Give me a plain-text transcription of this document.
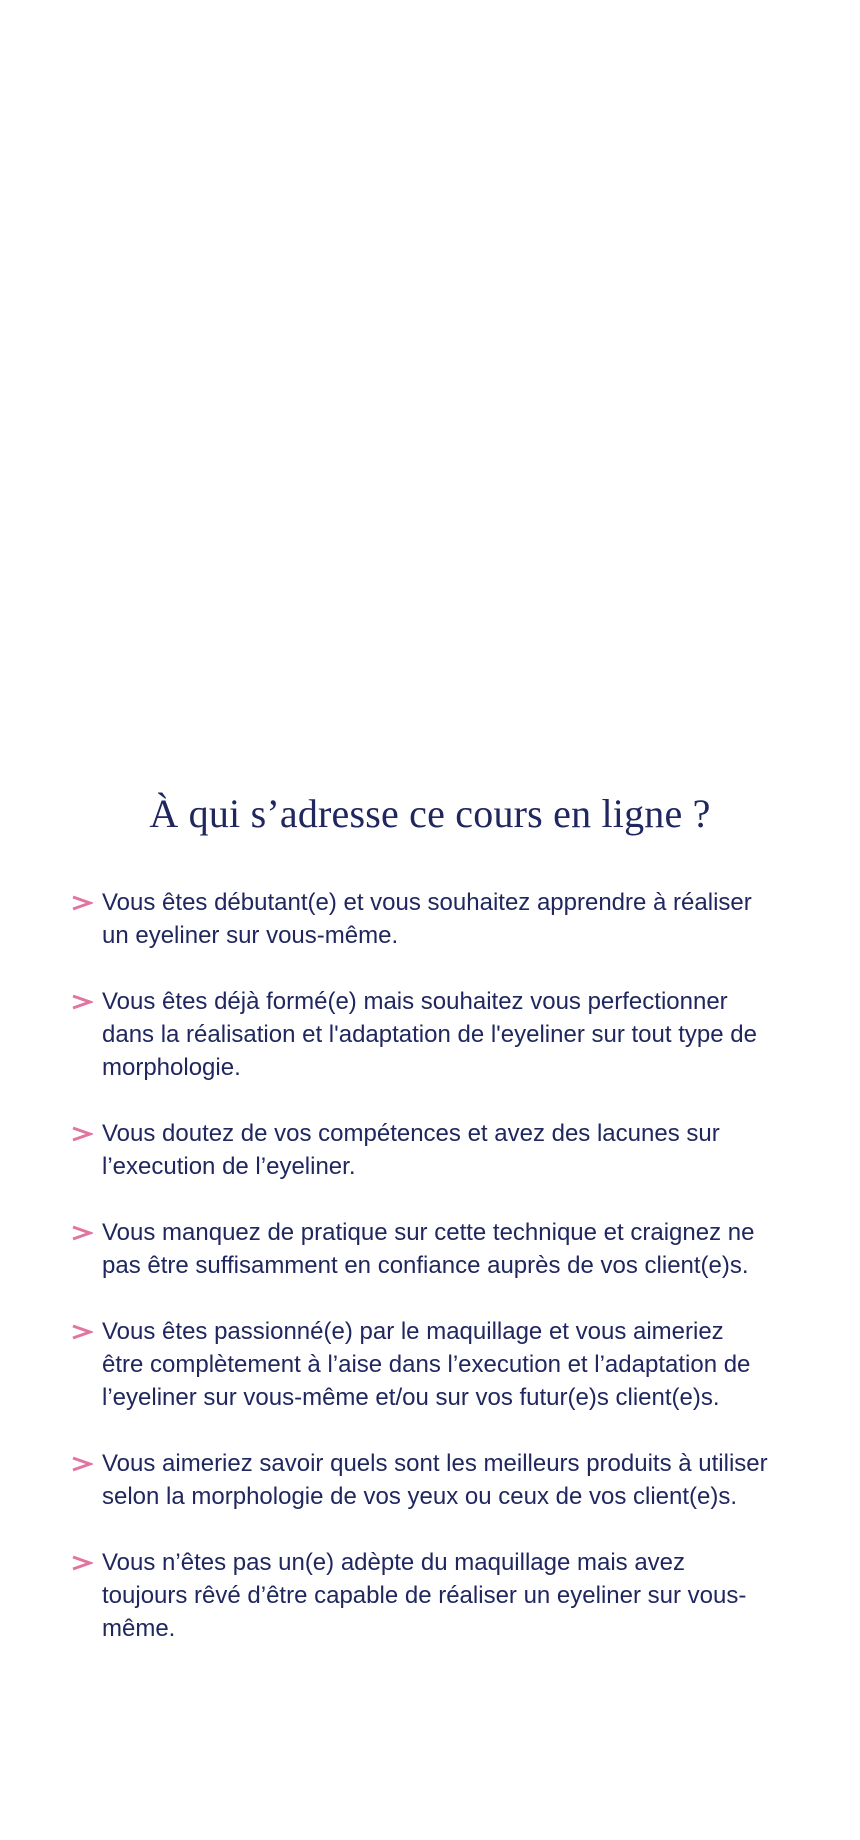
À qui s’adresse ce cours en ligne ?
Vous êtes débutant(e) et vous souhaitez apprendre à réaliser un eyeliner sur vous-même.
Vous êtes déjà formé(e) mais souhaitez vous perfectionner dans la réalisation et l'adaptation de l'eyeliner sur tout type de morphologie.
Vous doutez de vos compétences et avez des lacunes sur l’execution de l’eyeliner.
Vous manquez de pratique sur cette technique et craignez ne pas être suffisamment en confiance auprès de vos client(e)s.
Vous êtes passionné(e) par le maquillage et vous aimeriez être complètement à l’aise dans l’execution et l’adaptation de l’eyeliner sur vous-même et/ou sur vos futur(e)s client(e)s.
Vous aimeriez savoir quels sont les meilleurs produits à utiliser selon la morphologie de vos yeux ou ceux de vos client(e)s.
Vous n’êtes pas un(e) adèpte du maquillage mais avez toujours rêvé d’être capable de réaliser un eyeliner sur vous-même.
